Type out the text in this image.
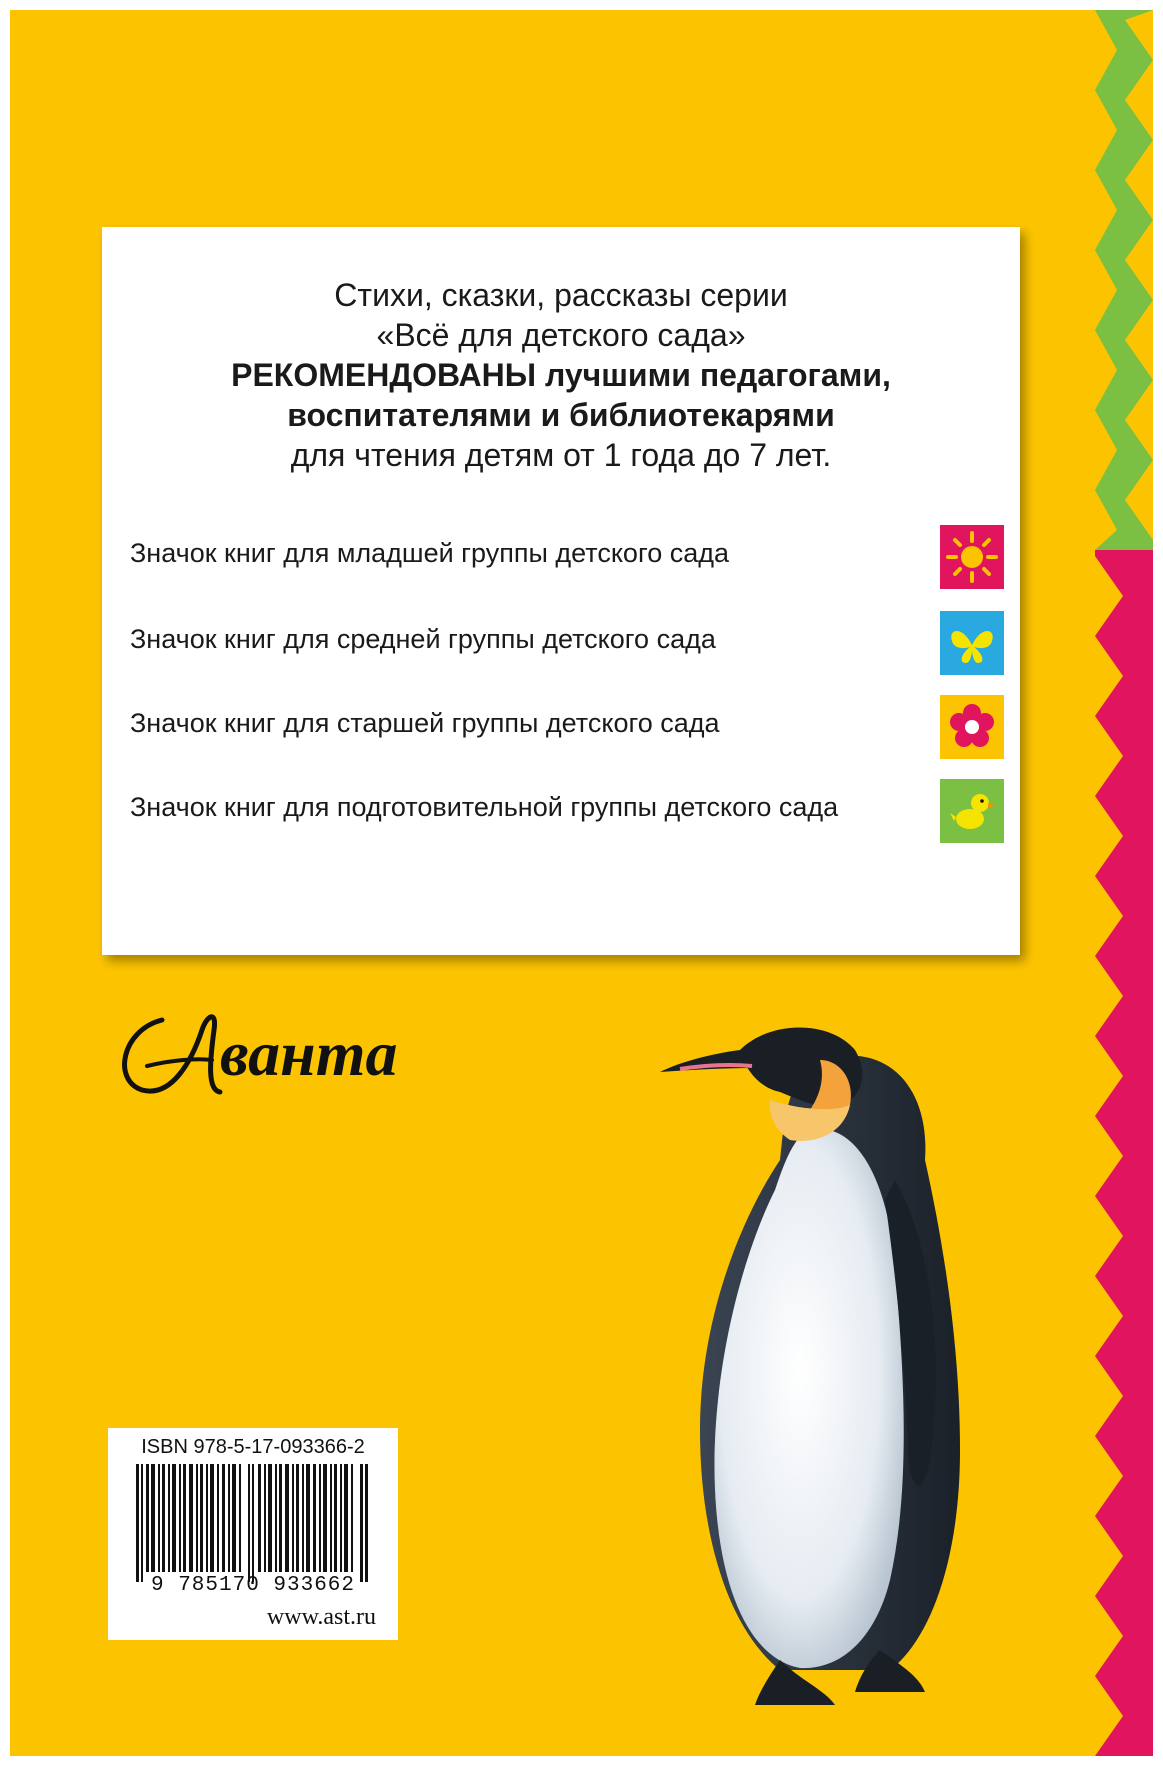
Стихи, сказки, рассказы серии
«Всё для детского сада»
РЕКОМЕНДОВАНЫ лучшими педагогами,
воспитателями и библиотекарями
для чтения детям от 1 года до 7 лет.
Значок книг для младшей группы детского сада
Значок книг для средней группы детского сада
Значок книг для старшей группы детского сада
Значок книг для подготовительной группы детского сада
ванта
ISBN 978-5-17-093366-2
9 785170 933662
www.ast.ru
